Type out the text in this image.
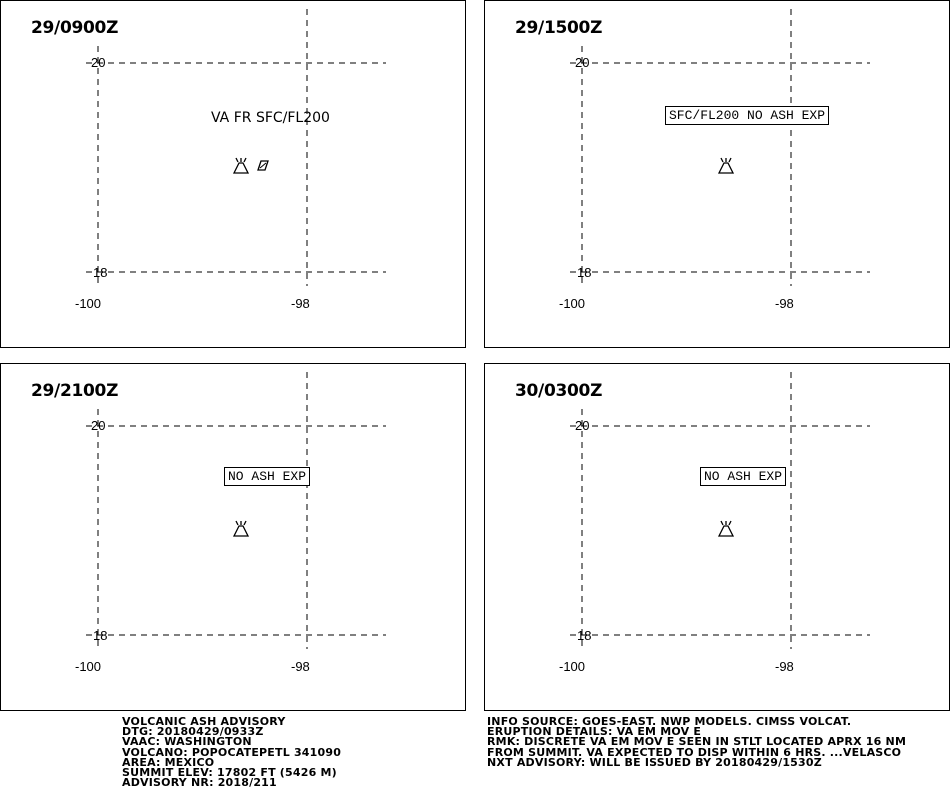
29/0900Z
20
18
-100	-98
VA FR SFC/FL200
29/1500Z
20
18
-100	-98
SFC/FL200 NO ASH EXP
29/2100Z
20
18
-100	-98
NO ASH EXP
30/0300Z
20
18
-100	-98
NO ASH EXP
VOLCANIC ASH ADVISORY
DTG: 20180429/0933Z
VAAC: WASHINGTON
VOLCANO: POPOCATEPETL 341090
AREA: MEXICO
SUMMIT ELEV: 17802 FT (5426 M)
ADVISORY NR: 2018/211
INFO SOURCE: GOES-EAST. NWP MODELS. CIMSS VOLCAT.
ERUPTION DETAILS: VA EM MOV E
RMK: DISCRETE VA EM MOV E SEEN IN STLT LOCATED APRX 16 NM
FROM SUMMIT. VA EXPECTED TO DISP WITHIN 6 HRS. ...VELASCO
NXT ADVISORY: WILL BE ISSUED BY 20180429/1530Z
